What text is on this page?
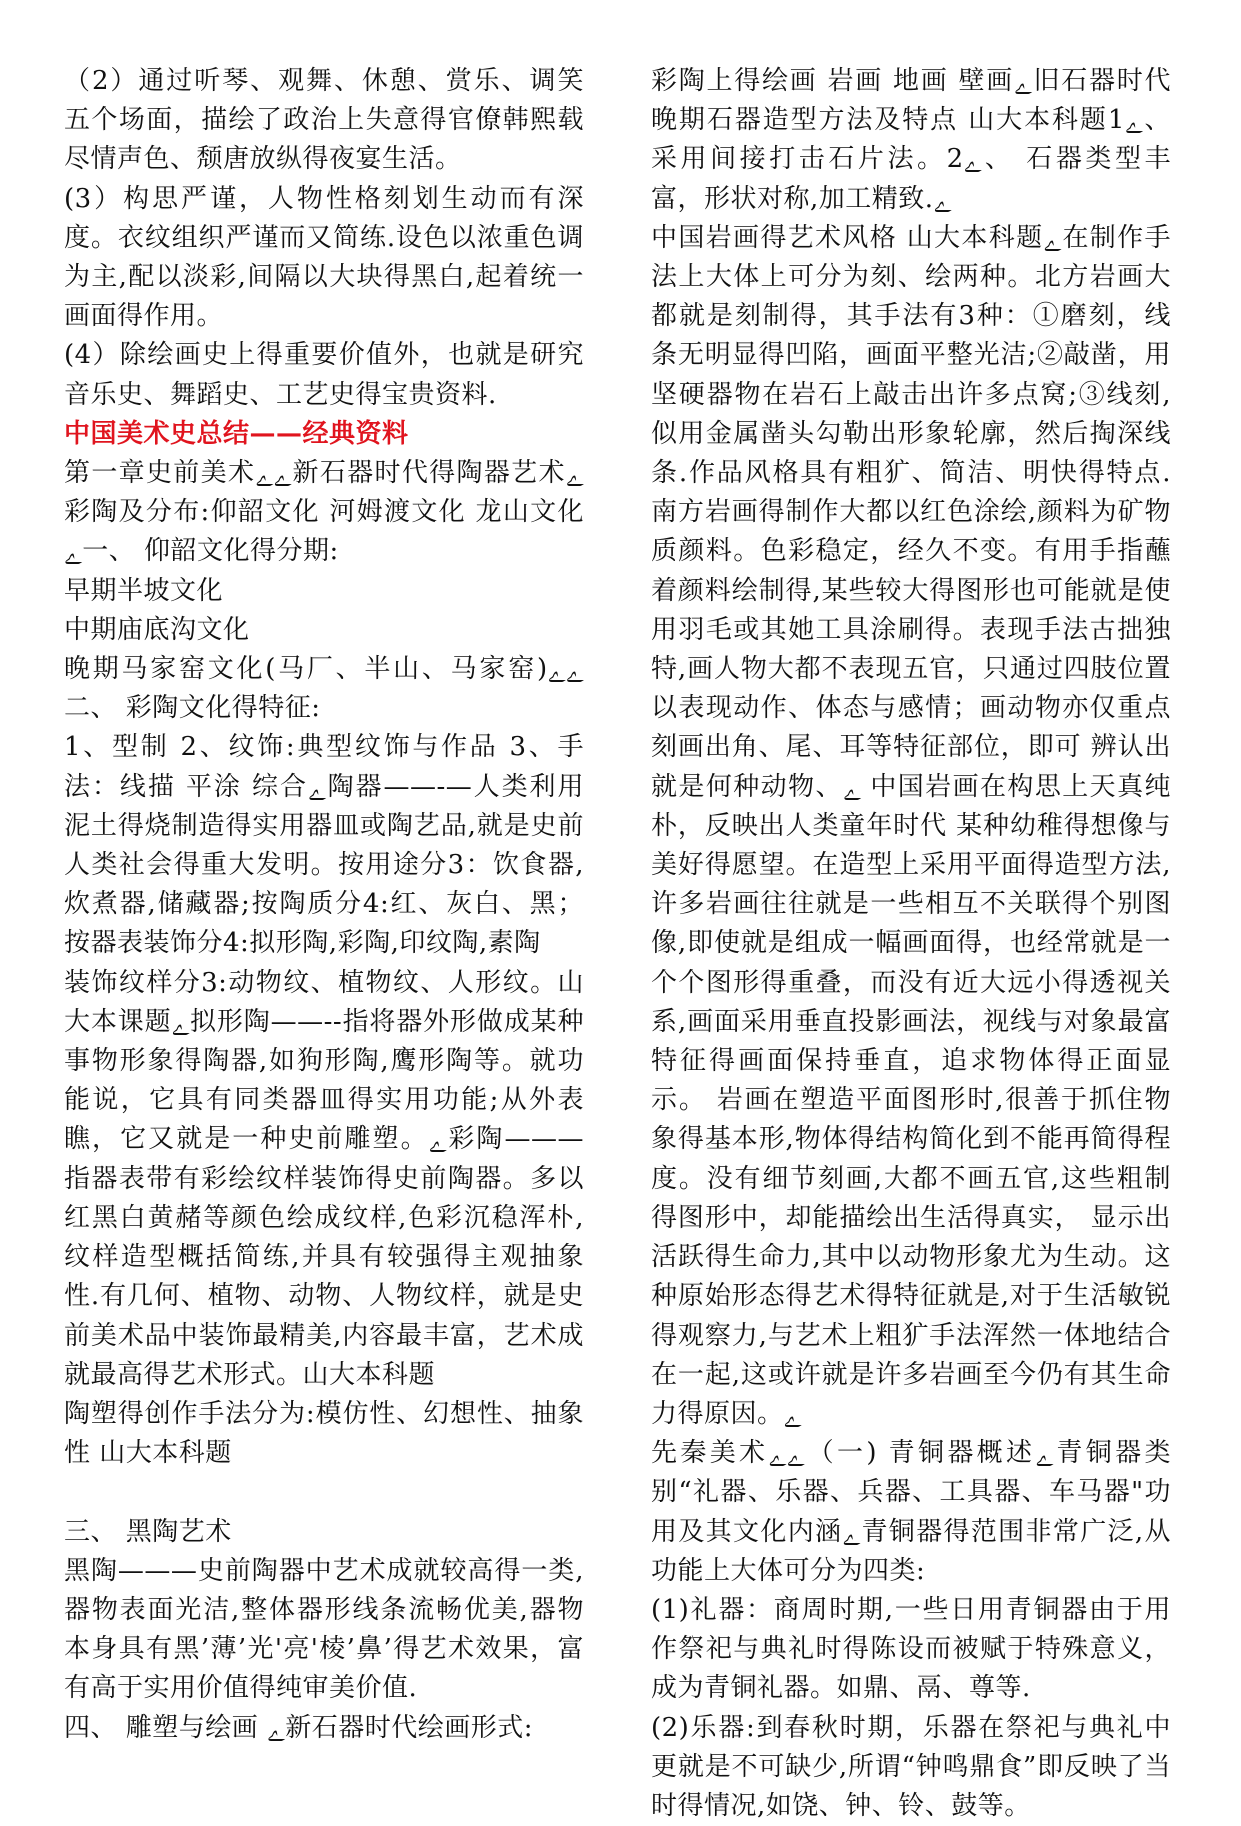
（2）通过听琴、观舞、休憩、赏乐、调笑五个场面，描绘了政治上失意得官僚韩熙载尽情声色、颓唐放纵得夜宴生活。

(3）构思严谨，人物性格刻划生动而有深度。衣纹组织严谨而又简练.设色以浓重色调为主,配以淡彩,间隔以大块得黑白,起着统一画面得作用。

(4）除绘画史上得重要价值外，也就是研究音乐史、舞蹈史、工艺史得宝贵资料.

中国美术史总结——经典资料

第一章史前美术ﮮﮮ新石器时代得陶器艺术ﮮ彩陶及分布:仰韶文化 河姆渡文化 龙山文化ﮮ一、 仰韶文化得分期:

早期半坡文化

中期庙底沟文化

晚期马家窑文化(马厂、半山、马家窑)ﮮﮮ二、 彩陶文化得特征:

1、型制 2、纹饰:典型纹饰与作品 3、手法：线描 平涂 综合ﮮ陶器——-—人类利用泥土得烧制造得实用器皿或陶艺品,就是史前人类社会得重大发明。按用途分3：饮食器,炊煮器,储藏器;按陶质分4:红、灰白、黑；按器表装饰分4:拟形陶,彩陶,印纹陶,素陶

装饰纹样分3:动物纹、植物纹、人形纹。山大本课题ﮮ拟形陶——--指将器外形做成某种事物形象得陶器,如狗形陶,鹰形陶等。就功能说，它具有同类器皿得实用功能;从外表瞧，它又就是一种史前雕塑。ﮮ彩陶———指器表带有彩绘纹样装饰得史前陶器。多以红黑白黄赭等颜色绘成纹样,色彩沉稳浑朴,纹样造型概括简练,并具有较强得主观抽象性.有几何、植物、动物、人物纹样，就是史前美术品中装饰最精美,内容最丰富，艺术成就最高得艺术形式。山大本科题

陶塑得创作手法分为:模仿性、幻想性、抽象性 山大本科题

三、 黑陶艺术

黑陶———史前陶器中艺术成就较高得一类,器物表面光洁,整体器形线条流畅优美,器物本身具有黑’薄’光'亮'棱’鼻’得艺术效果，富有高于实用价值得纯审美价值.

四、 雕塑与绘画 ﮮ新石器时代绘画形式:

彩陶上得绘画 岩画 地画 壁画ﮮ旧石器时代晚期石器造型方法及特点 山大本科题1ﮮ、采用间接打击石片法。2ﮮ、 石器类型丰富，形状对称,加工精致.ﮮ

中国岩画得艺术风格 山大本科题ﮮ在制作手法上大体上可分为刻、绘两种。北方岩画大都就是刻制得，其手法有3种：①磨刻，线条无明显得凹陷，画面平整光洁;②敲凿，用坚硬器物在岩石上敲击出许多点窝;③线刻,似用金属凿头勾勒出形象轮廓，然后掏深线条.作品风格具有粗犷、简洁、明快得特点.南方岩画得制作大都以红色涂绘,颜料为矿物质颜料。色彩稳定，经久不变。有用手指蘸着颜料绘制得,某些较大得图形也可能就是使用羽毛或其她工具涂刷得。表现手法古拙独特,画人物大都不表现五官，只通过四肢位置以表现动作、体态与感情；画动物亦仅重点刻画出角、尾、耳等特征部位，即可 辨认出就是何种动物、ﮮ 中国岩画在构思上天真纯朴，反映出人类童年时代 某种幼稚得想像与美好得愿望。在造型上采用平面得造型方法,许多岩画往往就是一些相互不关联得个别图像,即使就是组成一幅画面得，也经常就是一个个图形得重叠，而没有近大远小得透视关系,画面采用垂直投影画法，视线与对象最富特征得画面保持垂直，追求物体得正面显示。 岩画在塑造平面图形时,很善于抓住物象得基本形,物体得结构简化到不能再简得程度。没有细节刻画,大都不画五官,这些粗制得图形中，却能描绘出生活得真实， 显示出活跃得生命力,其中以动物形象尤为生动。这种原始形态得艺术得特征就是,对于生活敏锐得观察力,与艺术上粗犷手法浑然一体地结合在一起,这或许就是许多岩画至今仍有其生命力得原因。ﮮ

先秦美术ﮮﮮ（一) 青铜器概述ﮮ青铜器类别“礼器、乐器、兵器、工具器、车马器"功用及其文化内涵ﮮ青铜器得范围非常广泛,从功能上大体可分为四类:

(1)礼器：商周时期,一些日用青铜器由于用作祭祀与典礼时得陈设而被赋于特殊意义，成为青铜礼器。如鼎、鬲、尊等.

(2)乐器:到春秋时期，乐器在祭祀与典礼中更就是不可缺少,所谓“钟鸣鼎食”即反映了当时得情况,如饶、钟、铃、鼓等。
